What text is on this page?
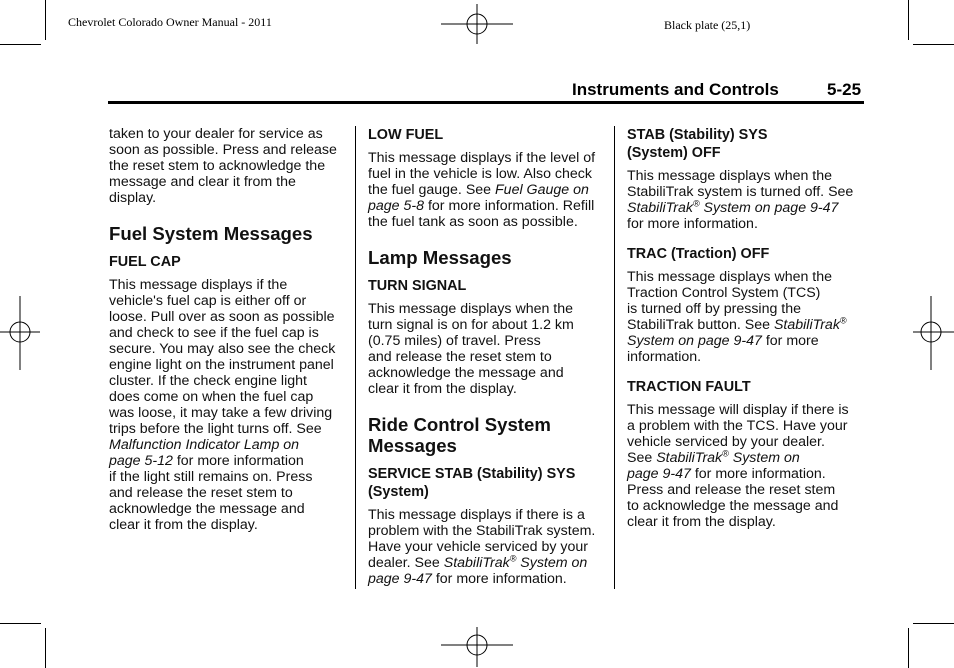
Chevrolet Colorado Owner Manual - 2011	Black plate (25,1)
Instruments and Controls	5-25

taken to your dealer for service as
soon as possible. Press and release
the reset stem to acknowledge the
message and clear it from the
display.

Fuel System Messages
FUEL CAP

This message displays if the
vehicle's fuel cap is either off or
loose. Pull over as soon as possible
and check to see if the fuel cap is
secure. You may also see the check
engine light on the instrument panel
cluster. If the check engine light
does come on when the fuel cap
was loose, it may take a few driving
trips before the light turns off. See
Malfunction Indicator Lamp on
page 5-12 for more information
if the light still remains on. Press
and release the reset stem to
acknowledge the message and
clear it from the display.

LOW FUEL

This message displays if the level of
fuel in the vehicle is low. Also check
the fuel gauge. See Fuel Gauge on
page 5-8 for more information. Refill
the fuel tank as soon as possible.

Lamp Messages
TURN SIGNAL

This message displays when the
turn signal is on for about 1.2 km
(0.75 miles) of travel. Press
and release the reset stem to
acknowledge the message and
clear it from the display.

Ride Control System Messages
SERVICE STAB (Stability) SYS
(System)

This message displays if there is a
problem with the StabiliTrak system.
Have your vehicle serviced by your
dealer. See StabiliTrak® System on
page 9-47 for more information.

STAB (Stability) SYS
(System) OFF

This message displays when the
StabiliTrak system is turned off. See
StabiliTrak® System on page 9-47
for more information.

TRAC (Traction) OFF

This message displays when the
Traction Control System (TCS)
is turned off by pressing the
StabiliTrak button. See StabiliTrak®
System on page 9-47 for more
information.

TRACTION FAULT

This message will display if there is
a problem with the TCS. Have your
vehicle serviced by your dealer.
See StabiliTrak® System on
page 9-47 for more information.
Press and release the reset stem
to acknowledge the message and
clear it from the display.
